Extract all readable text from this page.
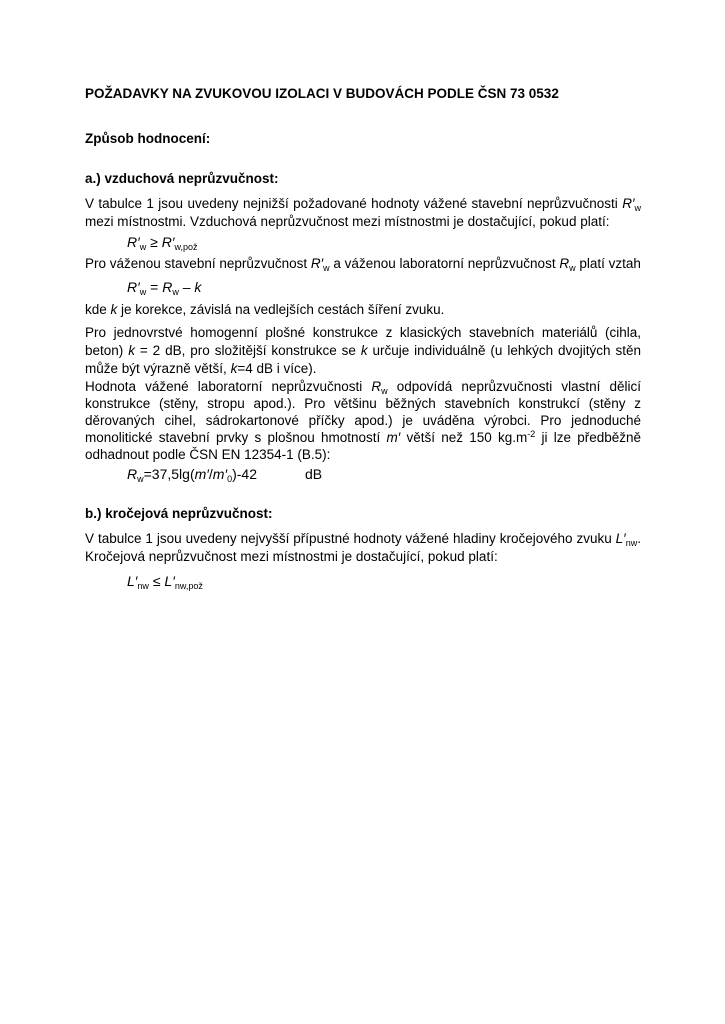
POŽADAVKY NA ZVUKOVOU IZOLACI V BUDOVÁCH PODLE ČSN 73 0532

Způsob hodnocení:

a.) vzduchová neprůzvučnost:

V tabulce 1 jsou uvedeny nejnižší požadované hodnoty vážené stavební neprůzvučnosti $R'_w$ mezi místnostmi. Vzduchová neprůzvučnost mezi místnostmi je dostačující, pokud platí:

$R'_w \ge R'_{w,pož}$

Pro váženou stavební neprůzvučnost $R'_w$ a váženou laboratorní neprůzvučnost $R_w$ platí vztah

$R'_w = R_w - k$

kde k je korekce, závislá na vedlejších cestách šíření zvuku.

Pro jednovrstvé homogenní plošné konstrukce z klasických stavebních materiálů (cihla, beton) k = 2 dB, pro složitější konstrukce se k určuje individuálně (u lehkých dvojitých stěn může být výrazně větší, k=4 dB i více).

Hodnota vážené laboratorní neprůzvučnosti $R_w$ odpovídá neprůzvučnosti vlastní dělicí konstrukce (stěny, stropu apod.). Pro většinu běžných stavebních konstrukcí (stěny z děrovaných cihel, sádrokartonové příčky apod.) je uváděna výrobci. Pro jednoduché monolitické stavební prvky s plošnou hmotností m′ větší než 150 $kg.m^{-2}$ ji lze předběžně odhadnout podle ČSN EN 12354-1 (B.5):

$R_w=37,5\lg(m'/m'_0)-42$	dB

b.) kročejová neprůzvučnost:

V tabulce 1 jsou uvedeny nejvyšší přípustné hodnoty vážené hladiny kročejového zvuku $L'_{nw}$. Kročejová neprůzvučnost mezi místnostmi je dostačující, pokud platí:

$L'_{nw} \le L'_{nw,pož}$
